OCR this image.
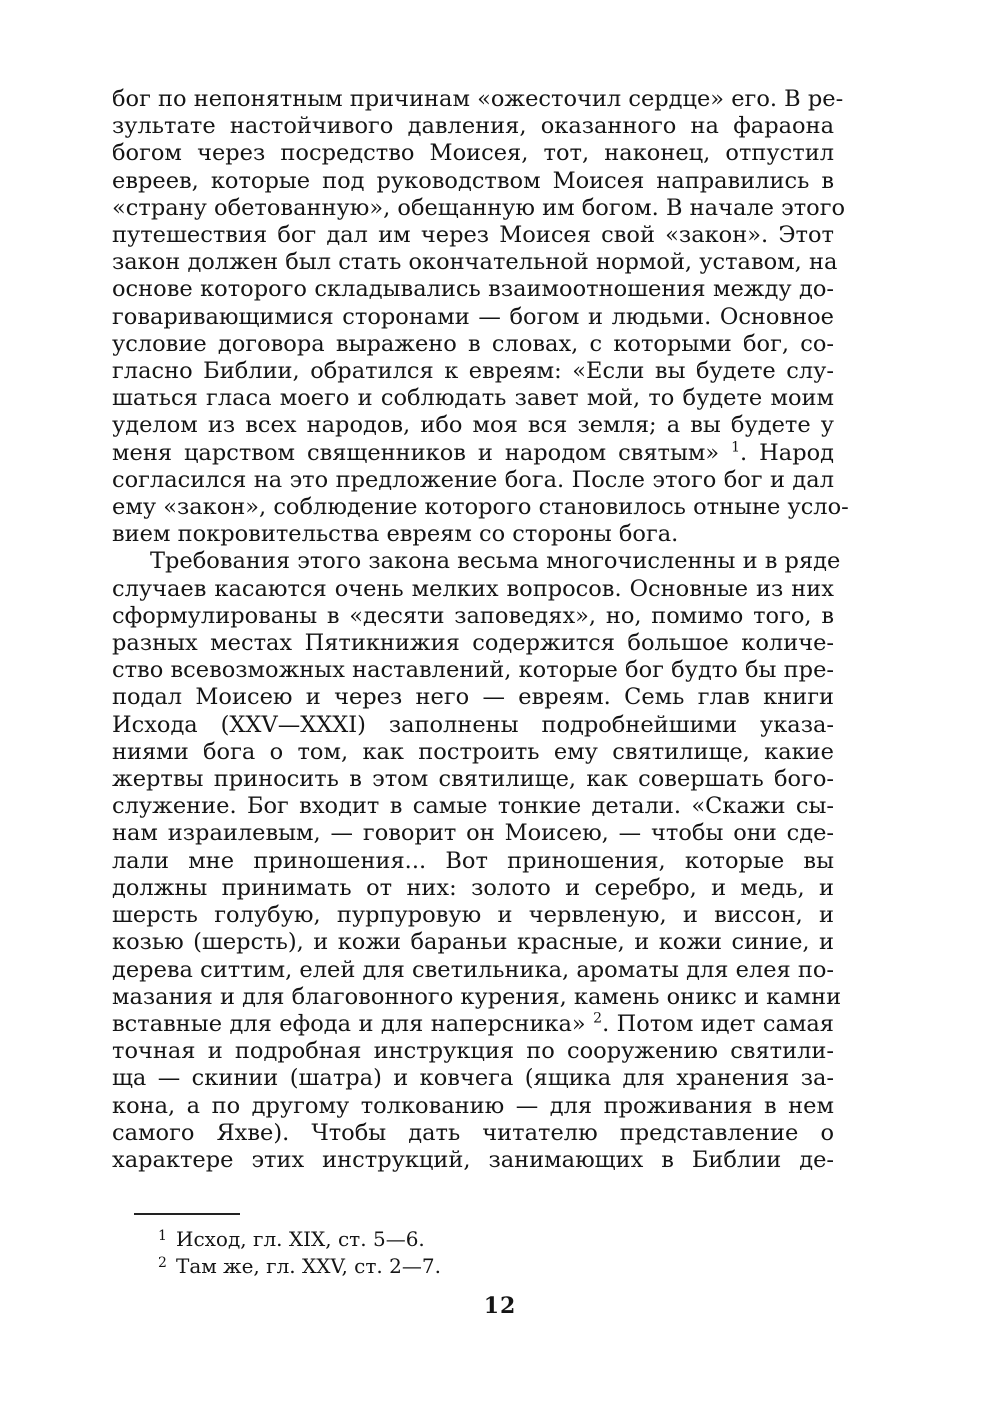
бог по непонятным причинам «ожесточил сердце» его. В ре-
зультате настойчивого давления, оказанного на фараона
богом через посредство Моисея, тот, наконец, отпустил
евреев, которые под руководством Моисея направились в
«страну обетованную», обещанную им богом. В начале этого
путешествия бог дал им через Моисея свой «закон». Этот
закон должен был стать окончательной нормой, уставом, на
основе которого складывались взаимоотношения между до-
говаривающимися сторонами — богом и людьми. Основное
условие договора выражено в словах, с которыми бог, со-
гласно Библии, обратился к евреям: «Если вы будете слу-
шаться гласа моего и соблюдать завет мой, то будете моим
уделом из всех народов, ибо моя вся земля; а вы будете у
меня царством священников и народом святым» $^1$. Народ
согласился на это предложение бога. После этого бог и дал
ему «закон», соблюдение которого становилось отныне усло-
вием покровительства евреям со стороны бога.

Требования этого закона весьма многочисленны и в ряде
случаев касаются очень мелких вопросов. Основные из них
сформулированы в «десяти заповедях», но, помимо того, в
разных местах Пятикнижия содержится большое количе-
ство всевозможных наставлений, которые бог будто бы пре-
подал Моисею и через него — евреям. Семь глав книги
Исхода (XXV—XXXI) заполнены подробнейшими указа-
ниями бога о том, как построить ему святилище, какие
жертвы приносить в этом святилище, как совершать бого-
служение. Бог входит в самые тонкие детали. «Скажи сы-
нам израилевым, — говорит он Моисею, — чтобы они сде-
лали мне приношения... Вот приношения, которые вы
должны принимать от них: золото и серебро, и медь, и
шерсть голубую, пурпуровую и червленую, и виссон, и
козью (шерсть), и кожи бараньи красные, и кожи синие, и
дерева ситтим, елей для светильника, ароматы для елея по-
мазания и для благовонного курения, камень оникс и камни
вставные для ефода и для наперсника» $^2$. Потом идет самая
точная и подробная инструкция по сооружению святили-
ща — скинии (шатра) и ковчега (ящика для хранения за-
кона, а по другому толкованию — для проживания в нем
самого Яхве). Чтобы дать читателю представление о
характере этих инструкций, занимающих в Библии де-

1 Исход, гл. XIX, ст. 5—6.
2 Там же, гл. XXV, ст. 2—7.
12
